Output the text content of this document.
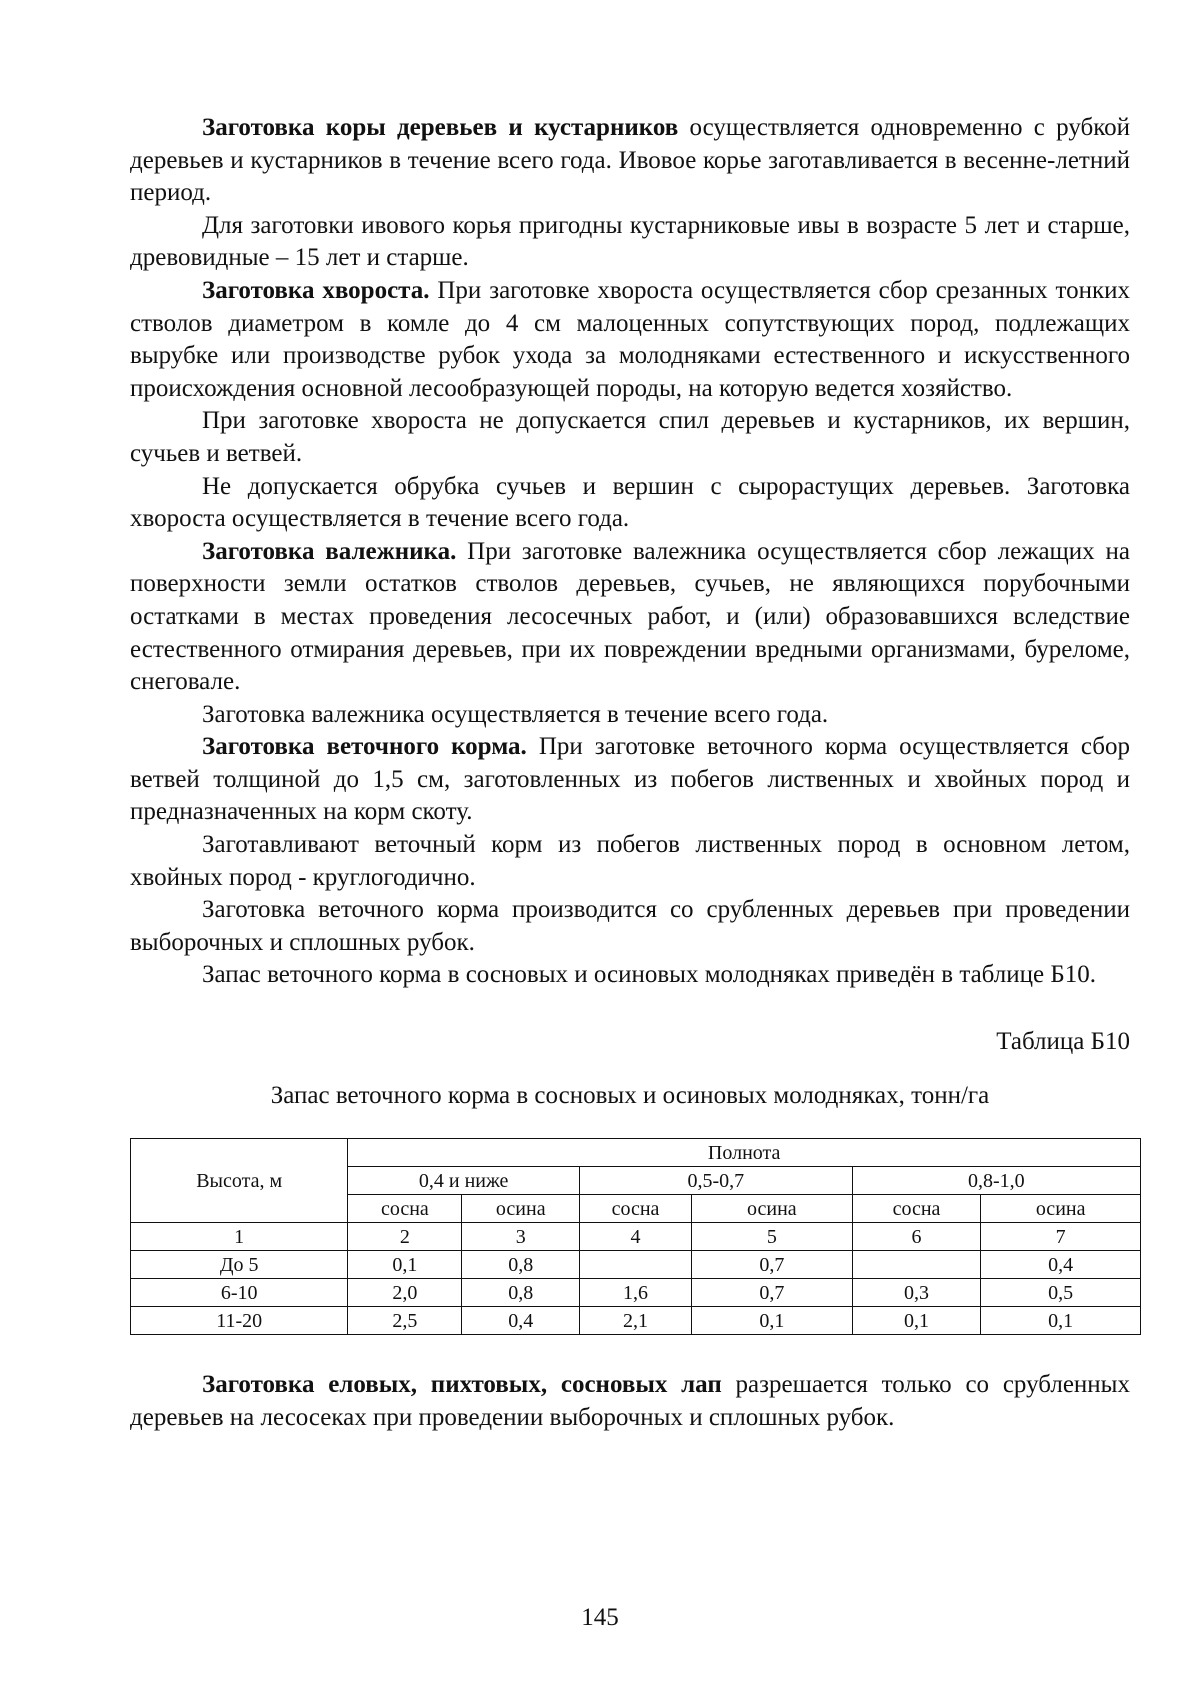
Заготовка коры деревьев и кустарников осуществляется одновременно с рубкой деревьев и кустарников в течение всего года. Ивовое корье заготавливается в весенне-летний период.

Для заготовки ивового корья пригодны кустарниковые ивы в возрасте 5 лет и старше, древовидные – 15 лет и старше.

Заготовка хвороста. При заготовке хвороста осуществляется сбор срезанных тонких стволов диаметром в комле до 4 см малоценных сопутствующих пород, подлежащих вырубке или производстве рубок ухода за молодняками естественного и искусственного происхождения основной лесообразующей породы, на которую ведется хозяйство.

При заготовке хвороста не допускается спил деревьев и кустарников, их вершин, сучьев и ветвей.

Не допускается обрубка сучьев и вершин с сырорастущих деревьев. Заготовка хвороста осуществляется в течение всего года.

Заготовка валежника. При заготовке валежника осуществляется сбор лежащих на поверхности земли остатков стволов деревьев, сучьев, не являющихся порубочными остатками в местах проведения лесосечных работ, и (или) образовавшихся вследствие естественного отмирания деревьев, при их повреждении вредными организмами, буреломе, снеговале.

Заготовка валежника осуществляется в течение всего года.

Заготовка веточного корма. При заготовке веточного корма осуществляется сбор ветвей толщиной до 1,5 см, заготовленных из побегов лиственных и хвойных пород и предназначенных на корм скоту.

Заготавливают веточный корм из побегов лиственных пород в основном летом, хвойных пород - круглогодично.

Заготовка веточного корма производится со срубленных деревьев при проведении выборочных и сплошных рубок.

Запас веточного корма в сосновых и осиновых молодняках приведён в таблице Б10.

Таблица Б10
Запас веточного корма в сосновых и осиновых молодняках, тонн/га
Высота, м	Полнота					
	0,4 и ниже		0,5-0,7		0,8-1,0	
	сосна	осина	сосна	осина	сосна	осина
1	2	3	4	5	6	7
До 5	0,1	0,8		0,7		0,4
6-10	2,0	0,8	1,6	0,7	0,3	0,5
11-20	2,5	0,4	2,1	0,1	0,1	0,1

Заготовка еловых, пихтовых, сосновых лап разрешается только со срубленных деревьев на лесосеках при проведении выборочных и сплошных рубок.

145
